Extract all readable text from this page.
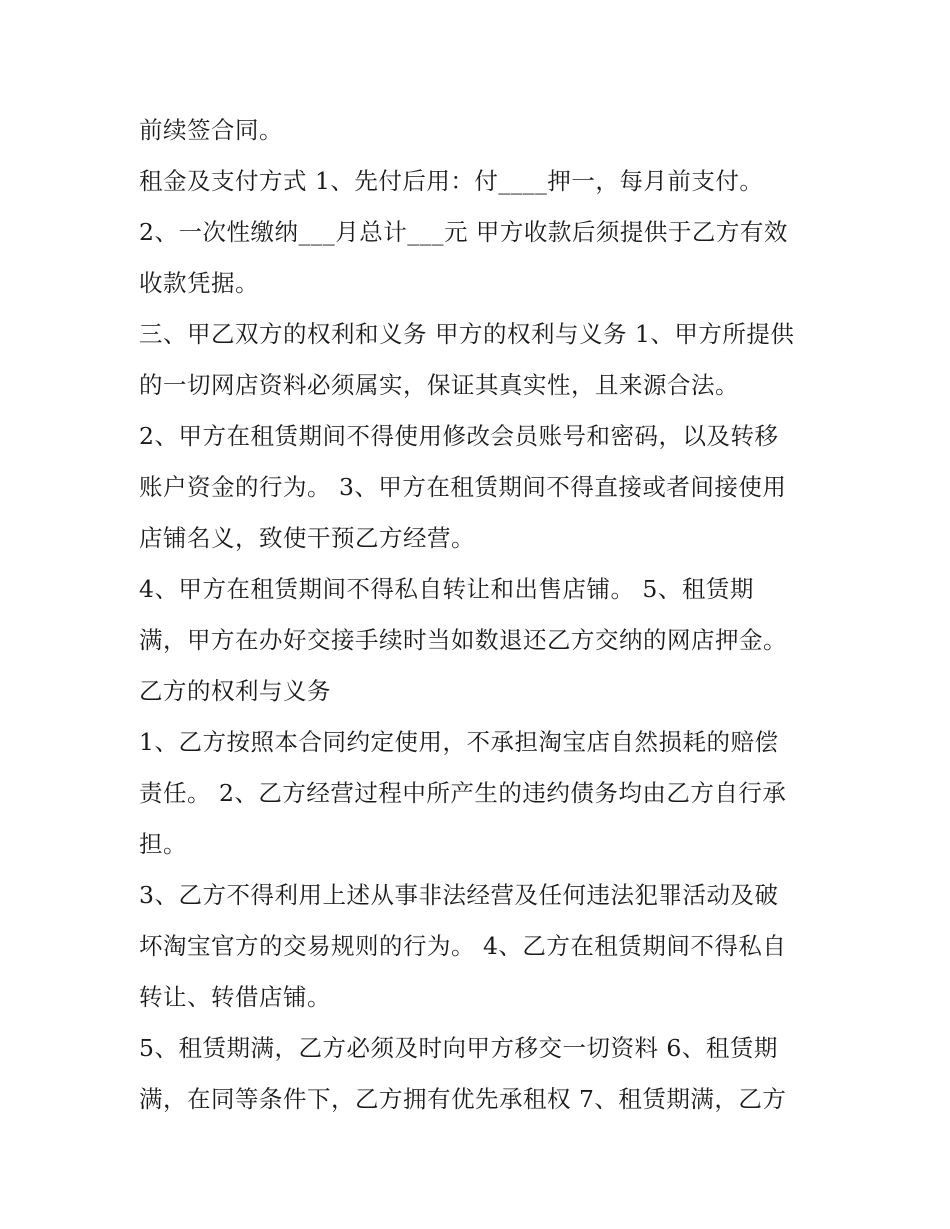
前续签合同。
租金及支付方式 1、先付后用：付____押一，每月前支付。
2、一次性缴纳___月总计___元 甲方收款后须提供于乙方有效
收款凭据。
三、甲乙双方的权利和义务 甲方的权利与义务 1、甲方所提供
的一切网店资料必须属实，保证其真实性，且来源合法。
2、甲方在租赁期间不得使用修改会员账号和密码，以及转移
账户资金的行为。 3、甲方在租赁期间不得直接或者间接使用
店铺名义，致使干预乙方经营。
4、甲方在租赁期间不得私自转让和出售店铺。 5、租赁期
满，甲方在办好交接手续时当如数退还乙方交纳的网店押金。
乙方的权利与义务
1、乙方按照本合同约定使用，不承担淘宝店自然损耗的赔偿
责任。 2、乙方经营过程中所产生的违约债务均由乙方自行承
担。
3、乙方不得利用上述从事非法经营及任何违法犯罪活动及破
坏淘宝官方的交易规则的行为。 4、乙方在租赁期间不得私自
转让、转借店铺。
5、租赁期满，乙方必须及时向甲方移交一切资料 6、租赁期
满，在同等条件下，乙方拥有优先承租权 7、租赁期满，乙方
